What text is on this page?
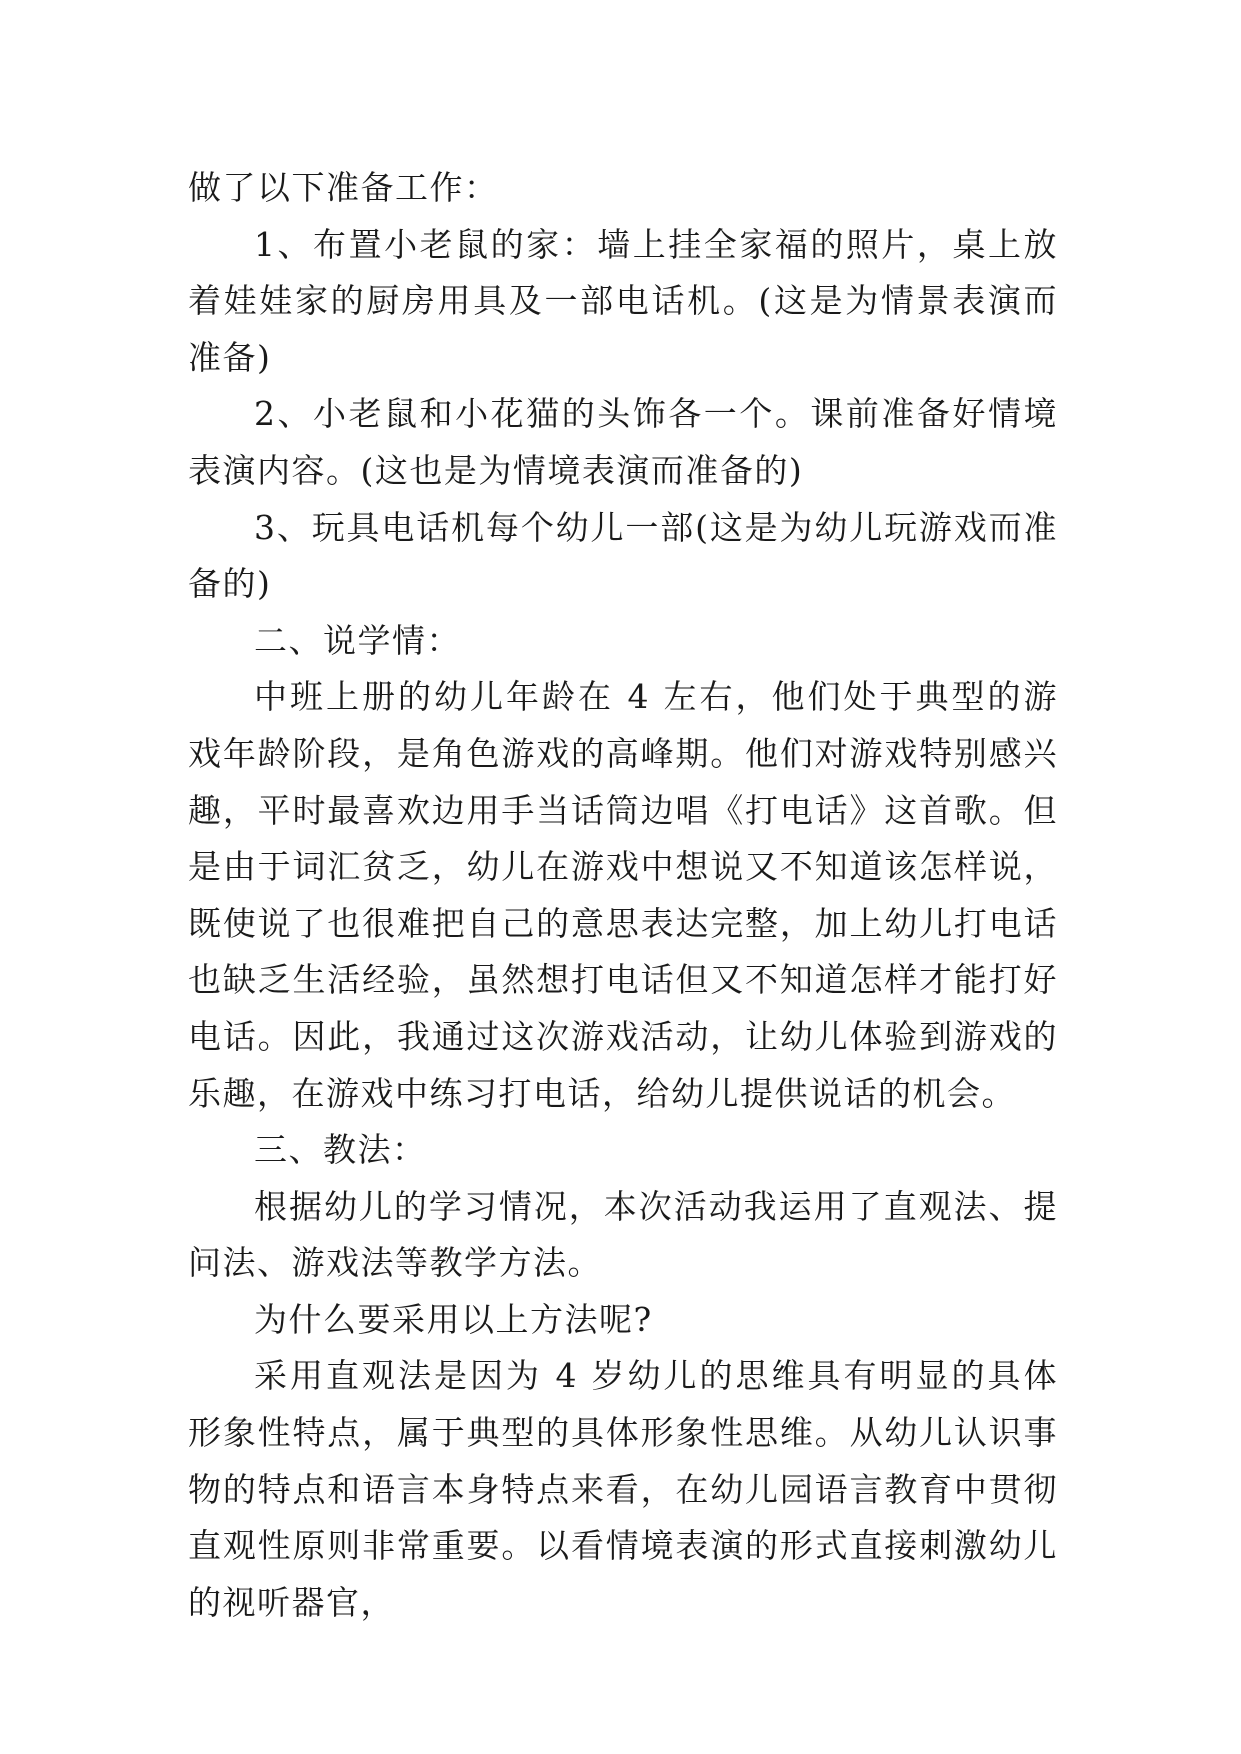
做了以下准备工作：

1、布置小老鼠的家：墙上挂全家福的照片，桌上放着娃娃家的厨房用具及一部电话机。(这是为情景表演而准备)

2、小老鼠和小花猫的头饰各一个。课前准备好情境表演内容。(这也是为情境表演而准备的)

3、玩具电话机每个幼儿一部(这是为幼儿玩游戏而准备的)

二、说学情：

中班上册的幼儿年龄在 4 左右，他们处于典型的游戏年龄阶段，是角色游戏的高峰期。他们对游戏特别感兴趣，平时最喜欢边用手当话筒边唱《打电话》这首歌。但是由于词汇贫乏，幼儿在游戏中想说又不知道该怎样说，既使说了也很难把自己的意思表达完整，加上幼儿打电话也缺乏生活经验，虽然想打电话但又不知道怎样才能打好电话。因此，我通过这次游戏活动，让幼儿体验到游戏的乐趣，在游戏中练习打电话，给幼儿提供说话的机会。

三、教法：

根据幼儿的学习情况，本次活动我运用了直观法、提问法、游戏法等教学方法。

为什么要采用以上方法呢?

采用直观法是因为 4 岁幼儿的思维具有明显的具体形象性特点，属于典型的具体形象性思维。从幼儿认识事物的特点和语言本身特点来看，在幼儿园语言教育中贯彻直观性原则非常重要。以看情境表演的形式直接刺激幼儿的视听器官，
